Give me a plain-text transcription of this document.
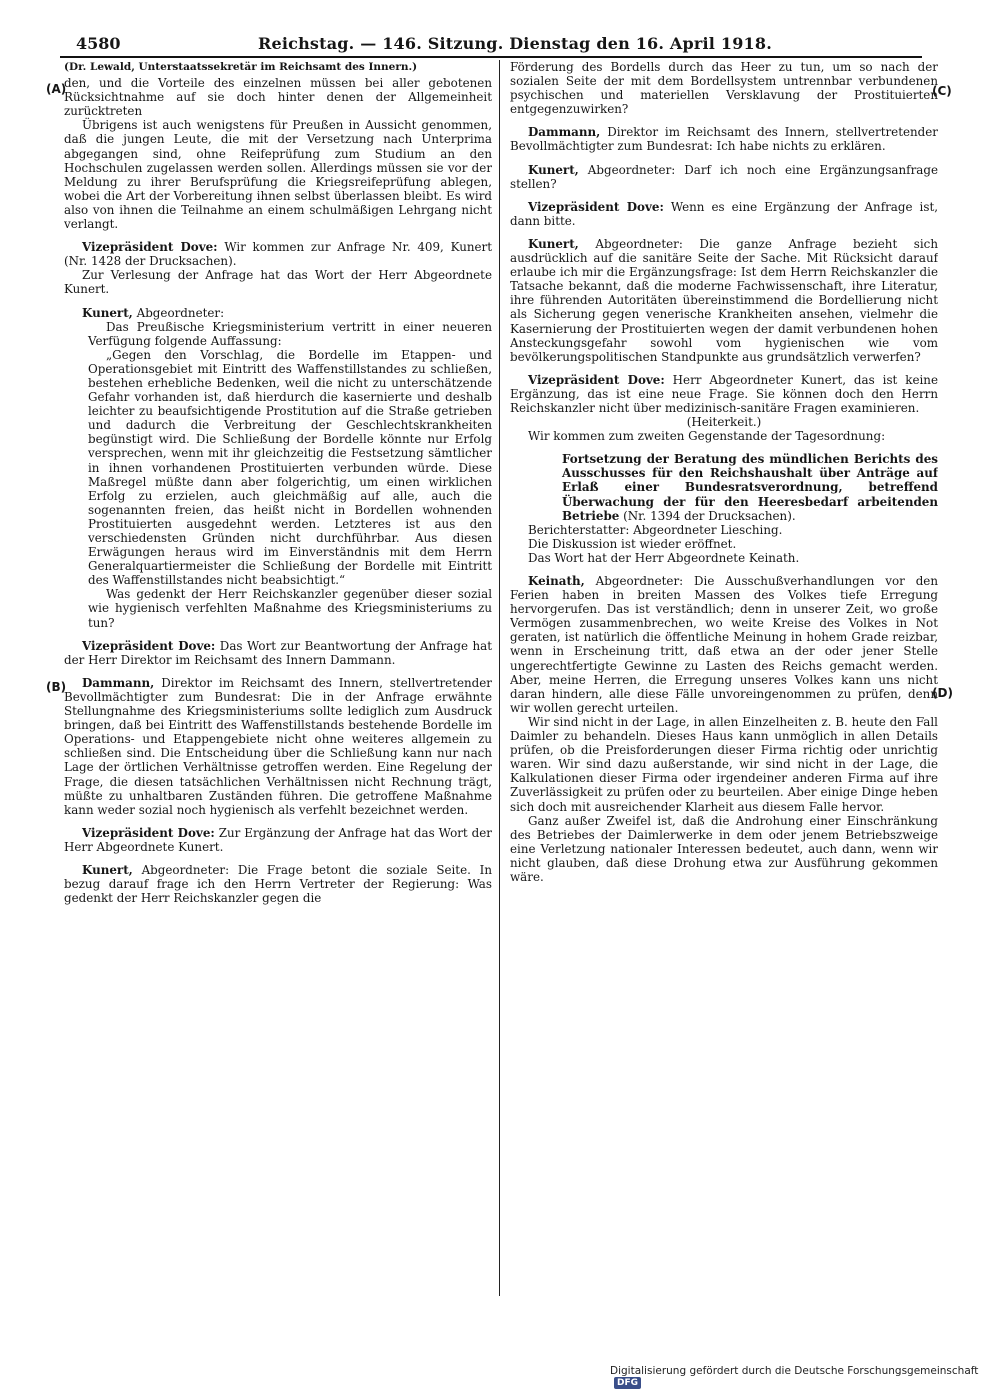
4580	Reichstag. — 146. Sitzung. Dienstag den 16. April 1918.
(A)
(B)
(C)
(D)

(Dr. Lewald, Unterstaatssekretär im Reichsamt des Innern.)

den, und die Vorteile des einzelnen müssen bei aller gebotenen Rücksichtnahme auf sie doch hinter denen der Allgemeinheit zurücktreten

Übrigens ist auch wenigstens für Preußen in Aussicht genommen, daß die jungen Leute, die mit der Versetzung nach Unterprima abgegangen sind, ohne Reifeprüfung zum Studium an den Hochschulen zugelassen werden sollen. Allerdings müssen sie vor der Meldung zu ihrer Berufsprüfung die Kriegsreifeprüfung ablegen, wobei die Art der Vorbereitung ihnen selbst überlassen bleibt. Es wird also von ihnen die Teilnahme an einem schulmäßigen Lehrgang nicht verlangt.

Vizepräsident Dove: Wir kommen zur Anfrage Nr. 409, Kunert (Nr. 1428 der Drucksachen).

Zur Verlesung der Anfrage hat das Wort der Herr Abgeordnete Kunert.

Kunert, Abgeordneter:

Das Preußische Kriegsministerium vertritt in einer neueren Verfügung folgende Auffassung:

„Gegen den Vorschlag, die Bordelle im Etappen- und Operationsgebiet mit Eintritt des Waffenstillstandes zu schließen, bestehen erhebliche Bedenken, weil die nicht zu unterschätzende Gefahr vorhanden ist, daß hierdurch die kasernierte und deshalb leichter zu beaufsichtigende Prostitution auf die Straße getrieben und dadurch die Verbreitung der Geschlechtskrankheiten begünstigt wird. Die Schließung der Bordelle könnte nur Erfolg versprechen, wenn mit ihr gleichzeitig die Festsetzung sämtlicher in ihnen vorhandenen Prostituierten verbunden würde. Diese Maßregel müßte dann aber folgerichtig, um einen wirklichen Erfolg zu erzielen, auch gleichmäßig auf alle, auch die sogenannten freien, das heißt nicht in Bordellen wohnenden Prostituierten ausgedehnt werden. Letzteres ist aus den verschiedensten Gründen nicht durchführbar. Aus diesen Erwägungen heraus wird im Einverständnis mit dem Herrn Generalquartiermeister die Schließung der Bordelle mit Eintritt des Waffenstillstandes nicht beabsichtigt.“

Was gedenkt der Herr Reichskanzler gegenüber dieser sozial wie hygienisch verfehlten Maßnahme des Kriegsministeriums zu tun?

Vizepräsident Dove: Das Wort zur Beantwortung der Anfrage hat der Herr Direktor im Reichsamt des Innern Dammann.

Dammann, Direktor im Reichsamt des Innern, stellvertretender Bevollmächtigter zum Bundesrat: Die in der Anfrage erwähnte Stellungnahme des Kriegsministeriums sollte lediglich zum Ausdruck bringen, daß bei Eintritt des Waffenstillstands bestehende Bordelle im Operations- und Etappengebiete nicht ohne weiteres allgemein zu schließen sind. Die Entscheidung über die Schließung kann nur nach Lage der örtlichen Verhältnisse getroffen werden. Eine Regelung der Frage, die diesen tatsächlichen Verhältnissen nicht Rechnung trägt, müßte zu unhaltbaren Zuständen führen. Die getroffene Maßnahme kann weder sozial noch hygienisch als verfehlt bezeichnet werden.

Vizepräsident Dove: Zur Ergänzung der Anfrage hat das Wort der Herr Abgeordnete Kunert.

Kunert, Abgeordneter: Die Frage betont die soziale Seite. In bezug darauf frage ich den Herrn Vertreter der Regierung: Was gedenkt der Herr Reichskanzler gegen die

Förderung des Bordells durch das Heer zu tun, um so nach der sozialen Seite der mit dem Bordellsystem untrennbar verbundenen psychischen und materiellen Versklavung der Prostituierten entgegenzuwirken?

Dammann, Direktor im Reichsamt des Innern, stellvertretender Bevollmächtigter zum Bundesrat: Ich habe nichts zu erklären.

Kunert, Abgeordneter: Darf ich noch eine Ergänzungsanfrage stellen?

Vizepräsident Dove: Wenn es eine Ergänzung der Anfrage ist, dann bitte.

Kunert, Abgeordneter: Die ganze Anfrage bezieht sich ausdrücklich auf die sanitäre Seite der Sache. Mit Rücksicht darauf erlaube ich mir die Ergänzungsfrage: Ist dem Herrn Reichskanzler die Tatsache bekannt, daß die moderne Fachwissenschaft, ihre Literatur, ihre führenden Autoritäten übereinstimmend die Bordellierung nicht als Sicherung gegen venerische Krankheiten ansehen, vielmehr die Kasernierung der Prostituierten wegen der damit verbundenen hohen Ansteckungsgefahr sowohl vom hygienischen wie vom bevölkerungspolitischen Standpunkte aus grundsätzlich verwerfen?

Vizepräsident Dove: Herr Abgeordneter Kunert, das ist keine Ergänzung, das ist eine neue Frage. Sie können doch den Herrn Reichskanzler nicht über medizinisch-sanitäre Fragen examinieren.

(Heiterkeit.)

Wir kommen zum zweiten Gegenstande der Tagesordnung:

Fortsetzung der Beratung des mündlichen Berichts des Ausschusses für den Reichshaushalt über Anträge auf Erlaß einer Bundesratsverordnung, betreffend Überwachung der für den Heeresbedarf arbeitenden Betriebe (Nr. 1394 der Drucksachen).

Berichterstatter: Abgeordneter Liesching.

Die Diskussion ist wieder eröffnet.

Das Wort hat der Herr Abgeordnete Keinath.

Keinath, Abgeordneter: Die Ausschußverhandlungen vor den Ferien haben in breiten Massen des Volkes tiefe Erregung hervorgerufen. Das ist verständlich; denn in unserer Zeit, wo große Vermögen zusammenbrechen, wo weite Kreise des Volkes in Not geraten, ist natürlich die öffentliche Meinung in hohem Grade reizbar, wenn in Erscheinung tritt, daß etwa an der oder jener Stelle ungerechtfertigte Gewinne zu Lasten des Reichs gemacht werden. Aber, meine Herren, die Erregung unseres Volkes kann uns nicht daran hindern, alle diese Fälle unvoreingenommen zu prüfen, denn wir wollen gerecht urteilen.

Wir sind nicht in der Lage, in allen Einzelheiten z. B. heute den Fall Daimler zu behandeln. Dieses Haus kann unmöglich in allen Details prüfen, ob die Preisforderungen dieser Firma richtig oder unrichtig waren. Wir sind dazu außerstande, wir sind nicht in der Lage, die Kalkulationen dieser Firma oder irgendeiner anderen Firma auf ihre Zuverlässigkeit zu prüfen oder zu beurteilen. Aber einige Dinge heben sich doch mit ausreichender Klarheit aus diesem Falle hervor.

Ganz außer Zweifel ist, daß die Androhung einer Einschränkung des Betriebes der Daimlerwerke in dem oder jenem Betriebszweige eine Verletzung nationaler Interessen bedeutet, auch dann, wenn wir nicht glauben, daß diese Drohung etwa zur Ausführung gekommen wäre.

Digitalisierung gefördert durch die Deutsche Forschungsgemeinschaft DFG
